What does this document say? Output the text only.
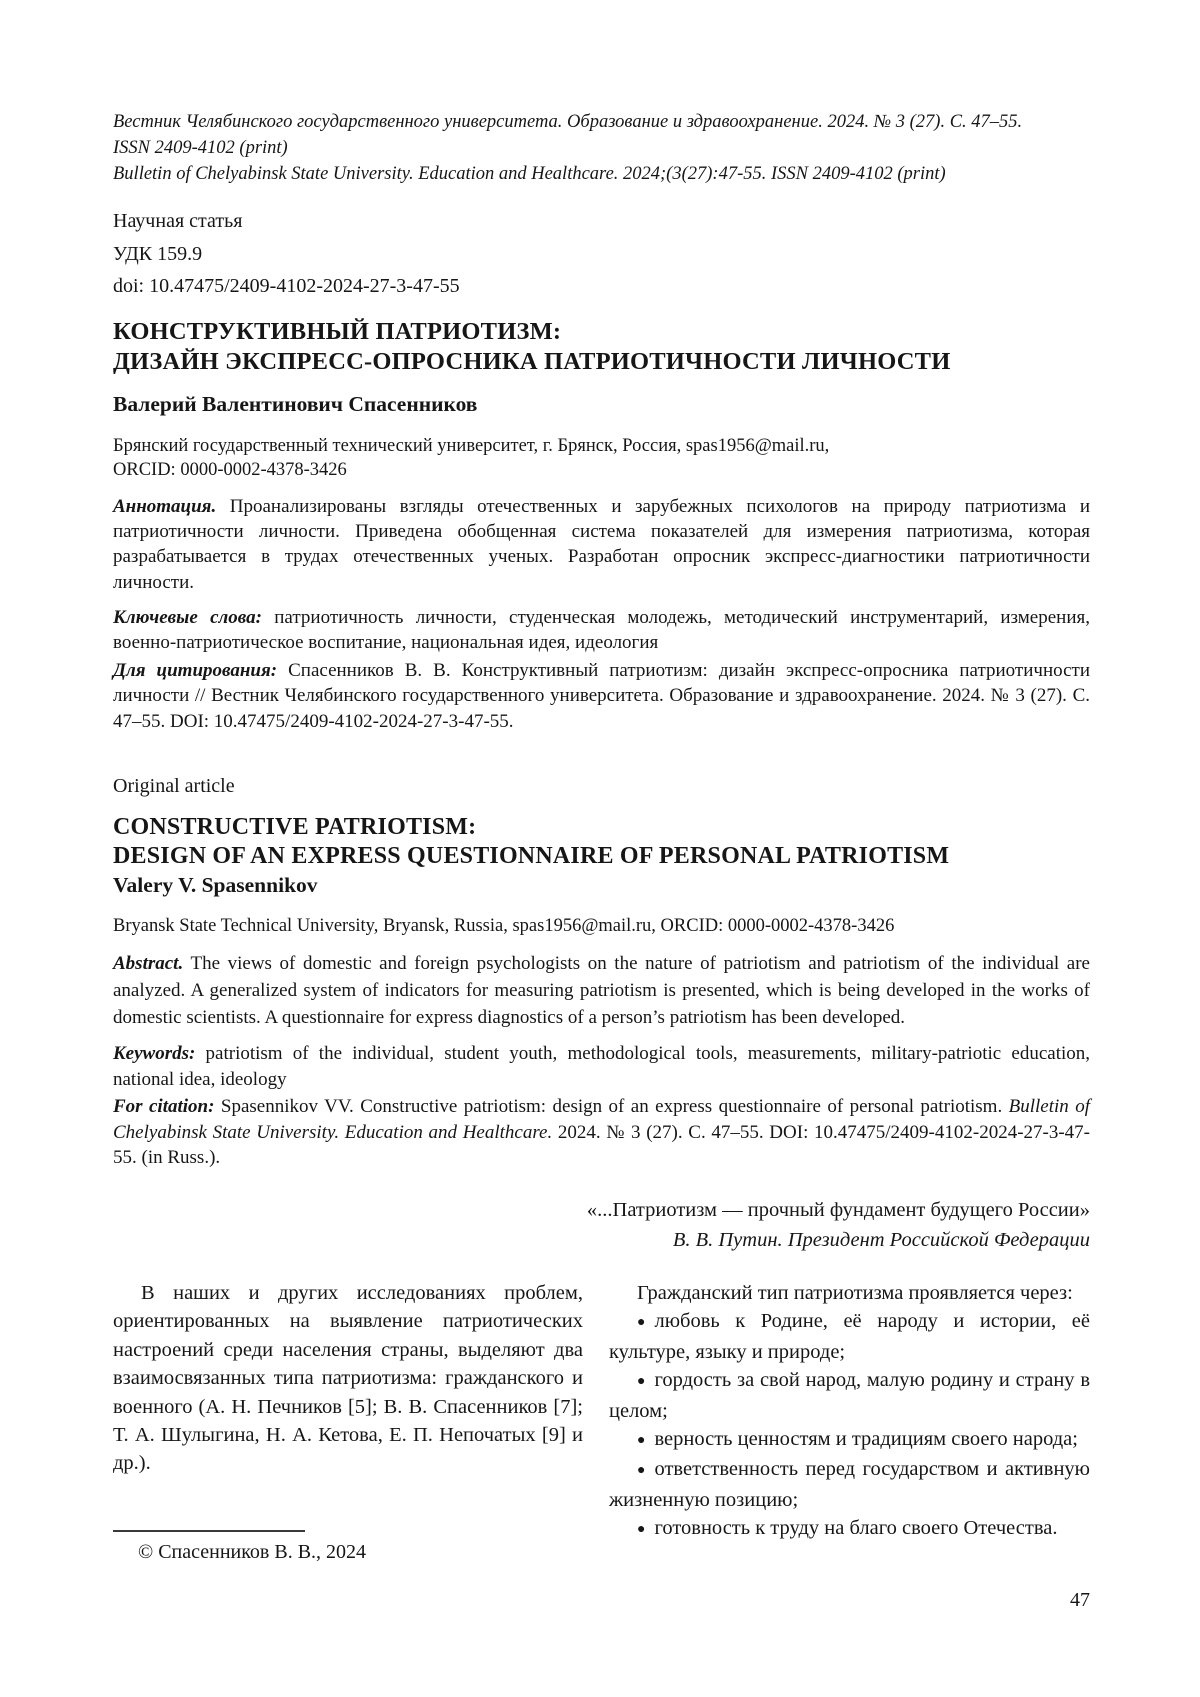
Вестник Челябинского государственного университета. Образование и здравоохранение. 2024. № 3 (27). С. 47–55.
ISSN 2409-4102 (print)
Bulletin of Chelyabinsk State University. Education and Healthcare. 2024;(3(27):47-55. ISSN 2409-4102 (print)
Научная статья
УДК 159.9
doi: 10.47475/2409-4102-2024-27-3-47-55
КОНСТРУКТИВНЫЙ ПАТРИОТИЗМ:
ДИЗАЙН ЭКСПРЕСС-ОПРОСНИКА ПАТРИОТИЧНОСТИ ЛИЧНОСТИ
Валерий Валентинович Спасенников
Брянский государственный технический университет, г. Брянск, Россия, spas1956@mail.ru,
ORCID: 0000-0002-4378-3426
Аннотация. Проанализированы взгляды отечественных и зарубежных психологов на природу патриотизма и патриотичности личности. Приведена обобщенная система показателей для измерения патриотизма, которая разрабатывается в трудах отечественных ученых. Разработан опросник экспресс-диагностики патриотичности личности.
Ключевые слова: патриотичность личности, студенческая молодежь, методический инструментарий, измерения, военно-патриотическое воспитание, национальная идея, идеология
Для цитирования: Спасенников В. В. Конструктивный патриотизм: дизайн экспресс-опросника патриотичности личности // Вестник Челябинского государственного университета. Образование и здравоохранение. 2024. № 3 (27). С. 47–55. DOI: 10.47475/2409-4102-2024-27-3-47-55.
Original article
CONSTRUCTIVE PATRIOTISM:
DESIGN OF AN EXPRESS QUESTIONNAIRE OF PERSONAL PATRIOTISM
Valery V. Spasennikov
Bryansk State Technical University, Bryansk, Russia, spas1956@mail.ru, ORCID: 0000-0002-4378-3426
Abstract. The views of domestic and foreign psychologists on the nature of patriotism and patriotism of the individual are analyzed. A generalized system of indicators for measuring patriotism is presented, which is being developed in the works of domestic scientists. A questionnaire for express diagnostics of a person’s patriotism has been developed.
Keywords: patriotism of the individual, student youth, methodological tools, measurements, military-patriotic education, national idea, ideology
For citation: Spasennikov VV. Constructive patriotism: design of an express questionnaire of personal patriotism. Bulletin of Chelyabinsk State University. Education and Healthcare. 2024. № 3 (27). С. 47–55. DOI: 10.47475/2409-4102-2024-27-3-47-55. (in Russ.).
«...Патриотизм — прочный фундамент будущего России»
В. В. Путин. Президент Российской Федерации
В наших и других исследованиях проблем, ориентированных на выявление патриотических настроений среди населения страны, выделяют два взаимосвязанных типа патриотизма: гражданского и военного (А. Н. Печников [5]; В. В. Спасенников [7]; Т. А. Шулыгина, Н. А. Кетова, Е. П. Непочатых [9] и др.).
Гражданский тип патриотизма проявляется через:
● любовь к Родине, её народу и истории, её культуре, языку и природе;
● гордость за свой народ, малую родину и страну в целом;
● верность ценностям и традициям своего народа;
● ответственность перед государством и активную жизненную позицию;
● готовность к труду на благо своего Отечества.
© Спасенников В. В., 2024
47
